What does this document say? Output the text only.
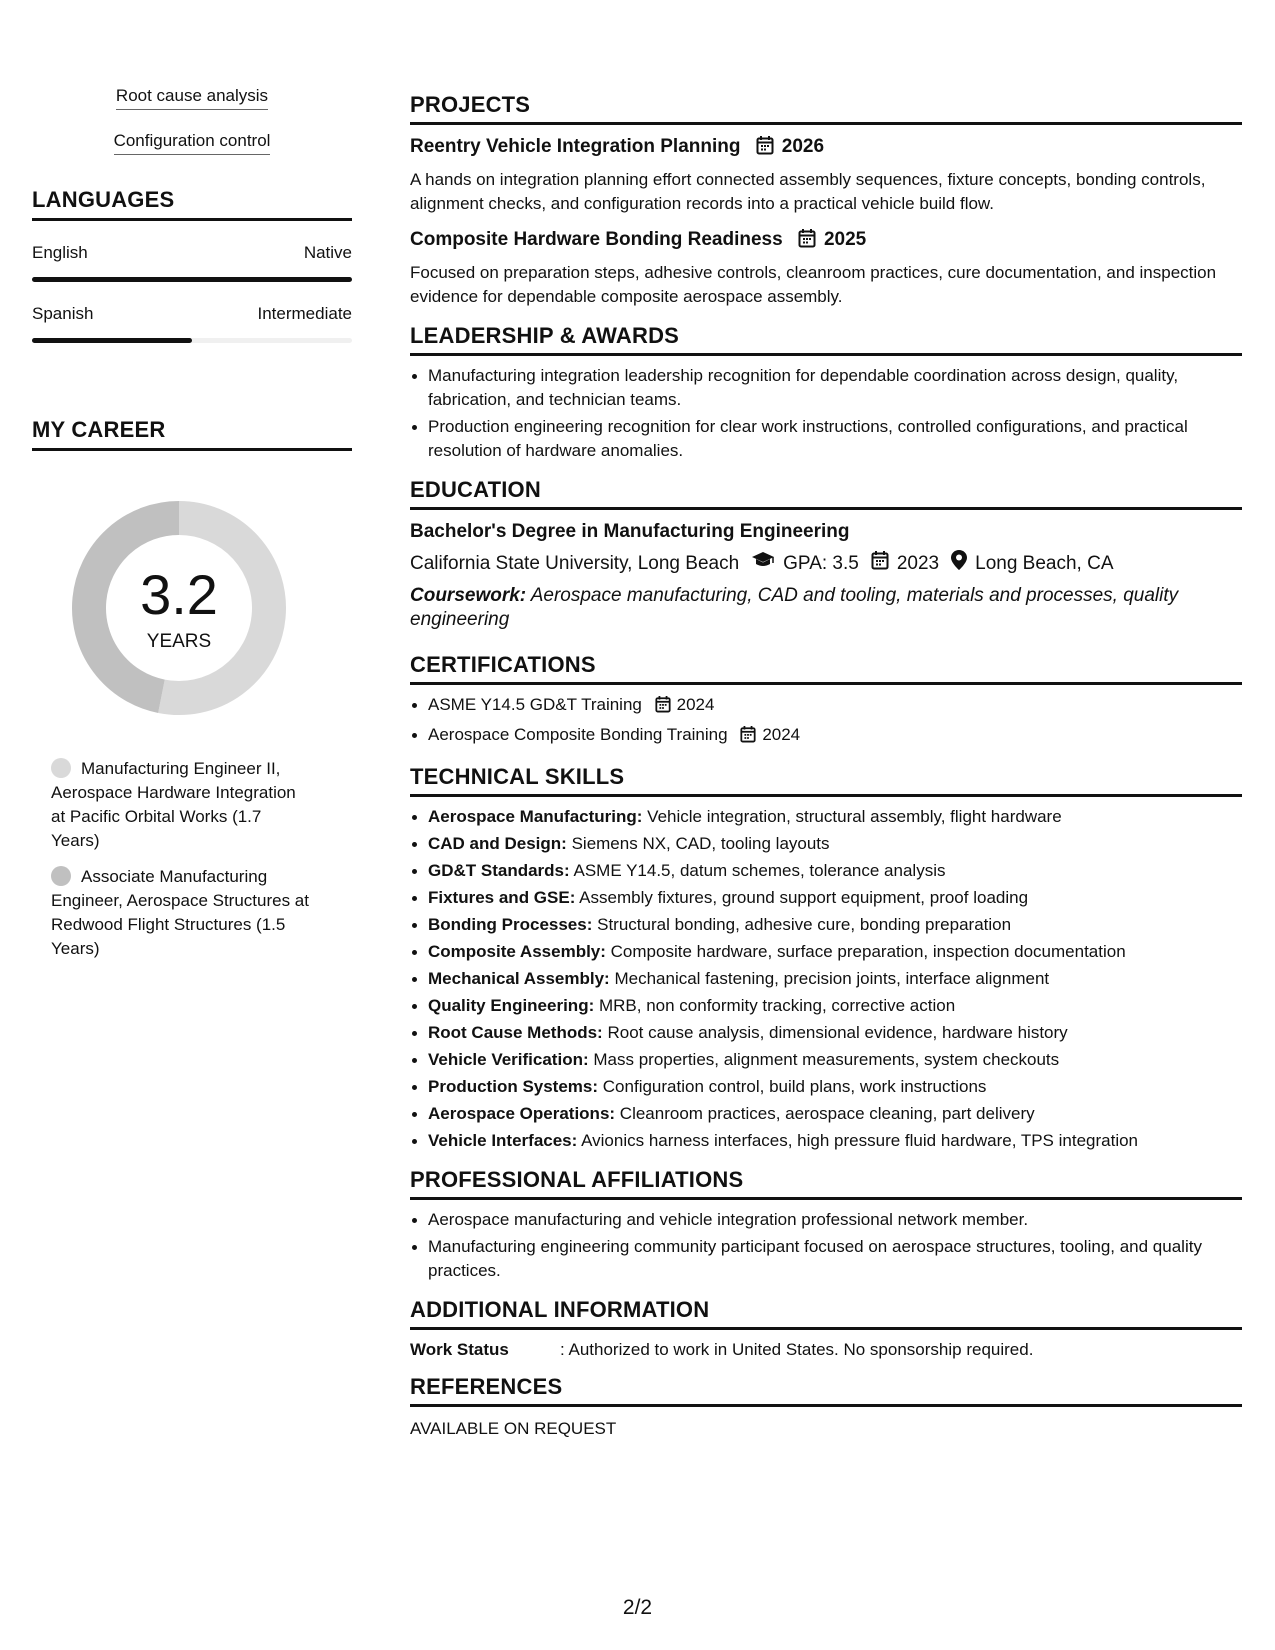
Root cause analysis
Configuration control
LANGUAGES
English	Native
Spanish	Intermediate
MY CAREER
3.2
YEARS
Manufacturing Engineer II, Aerospace Hardware Integration at Pacific Orbital Works (1.7 Years)
Associate Manufacturing Engineer, Aerospace Structures at Redwood Flight Structures (1.5 Years)
PROJECTS
Reentry Vehicle Integration Planning 2026
A hands on integration planning effort connected assembly sequences, fixture concepts, bonding controls, alignment checks, and configuration records into a practical vehicle build flow.
Composite Hardware Bonding Readiness 2025
Focused on preparation steps, adhesive controls, cleanroom practices, cure documentation, and inspection evidence for dependable composite aerospace assembly.
LEADERSHIP & AWARDS
Manufacturing integration leadership recognition for dependable coordination across design, quality, fabrication, and technician teams.
Production engineering recognition for clear work instructions, controlled configurations, and practical resolution of hardware anomalies.
EDUCATION
Bachelor's Degree in Manufacturing Engineering
California State University, Long Beach GPA: 3.5 2023 Long Beach, CA
Coursework: Aerospace manufacturing, CAD and tooling, materials and processes, quality engineering
CERTIFICATIONS
ASME Y14.5 GD&T Training 2024
Aerospace Composite Bonding Training 2024
TECHNICAL SKILLS
Aerospace Manufacturing: Vehicle integration, structural assembly, flight hardware
CAD and Design: Siemens NX, CAD, tooling layouts
GD&T Standards: ASME Y14.5, datum schemes, tolerance analysis
Fixtures and GSE: Assembly fixtures, ground support equipment, proof loading
Bonding Processes: Structural bonding, adhesive cure, bonding preparation
Composite Assembly: Composite hardware, surface preparation, inspection documentation
Mechanical Assembly: Mechanical fastening, precision joints, interface alignment
Quality Engineering: MRB, non conformity tracking, corrective action
Root Cause Methods: Root cause analysis, dimensional evidence, hardware history
Vehicle Verification: Mass properties, alignment measurements, system checkouts
Production Systems: Configuration control, build plans, work instructions
Aerospace Operations: Cleanroom practices, aerospace cleaning, part delivery
Vehicle Interfaces: Avionics harness interfaces, high pressure fluid hardware, TPS integration
PROFESSIONAL AFFILIATIONS
Aerospace manufacturing and vehicle integration professional network member.
Manufacturing engineering community participant focused on aerospace structures, tooling, and quality practices.
ADDITIONAL INFORMATION
Work Status	: Authorized to work in United States. No sponsorship required.
REFERENCES
AVAILABLE ON REQUEST
2/2
